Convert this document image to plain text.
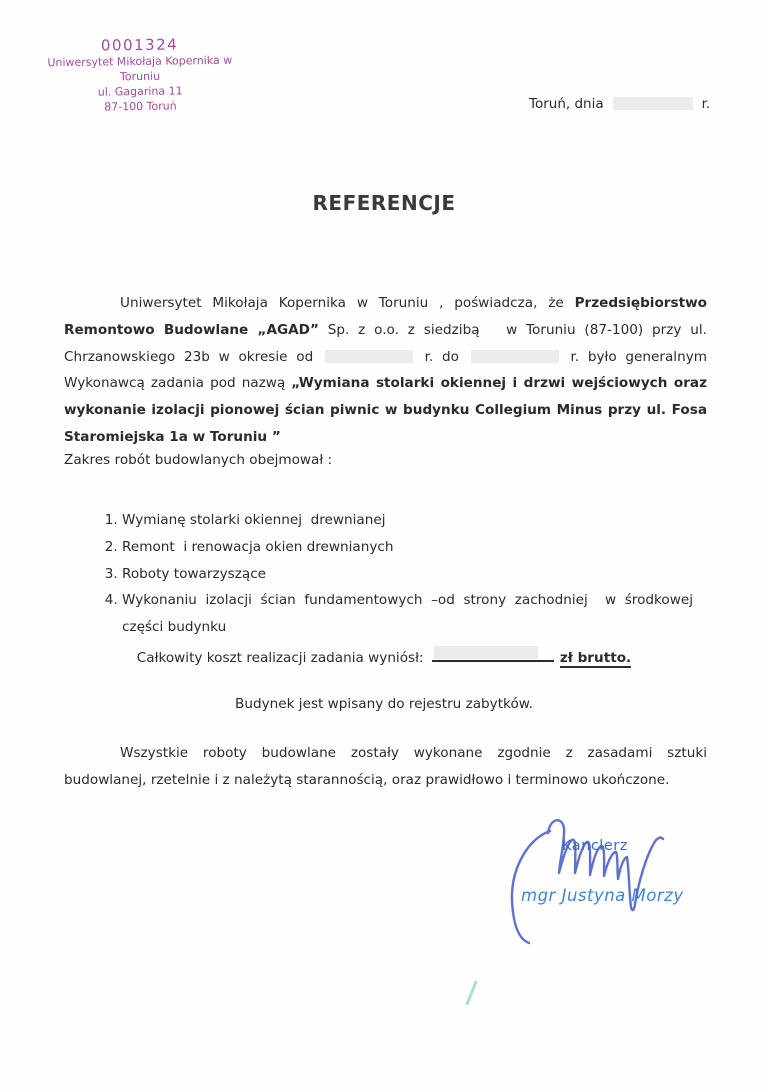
0001324
Uniwersytet Mikołaja Kopernika w Toruniu
ul. Gagarina 11
87-100 Toruń	Toruń, dnia	r.
REFERENCJE

Uniwersytet Mikołaja Kopernika w Toruniu , poświadcza, że Przedsiębiorstwo Remontowo Budowlane „AGAD” Sp. z o.o. z siedzibą   w Toruniu (87-100) przy ul. Chrzanowskiego 23b w okresie od	r. do	r. było generalnym Wykonawcą zadania pod nazwą „Wymiana stolarki okiennej i drzwi wejściowych oraz wykonanie izolacji pionowej ścian piwnic w budynku Collegium Minus przy ul. Fosa Staromiejska 1a w Toruniu ”

Zakres robót budowlanych obejmował :

1. Wymianę stolarki okiennej  drewnianej
2. Remont  i renowacja okien drewnianych
3. Roboty towarzyszące
4. Wykonaniu izolacji ścian fundamentowych –od strony zachodniej  w środkowej części budynku

Całkowity koszt realizacji zadania wyniósł:	zł brutto.

Budynek jest wpisany do rejestru zabytków.

Wszystkie roboty budowlane zostały wykonane zgodnie z zasadami sztuki budowlanej, rzetelnie i z należytą starannością, oraz prawidłowo i terminowo ukończone.

Kanclerz
mgr Justyna Morzy
